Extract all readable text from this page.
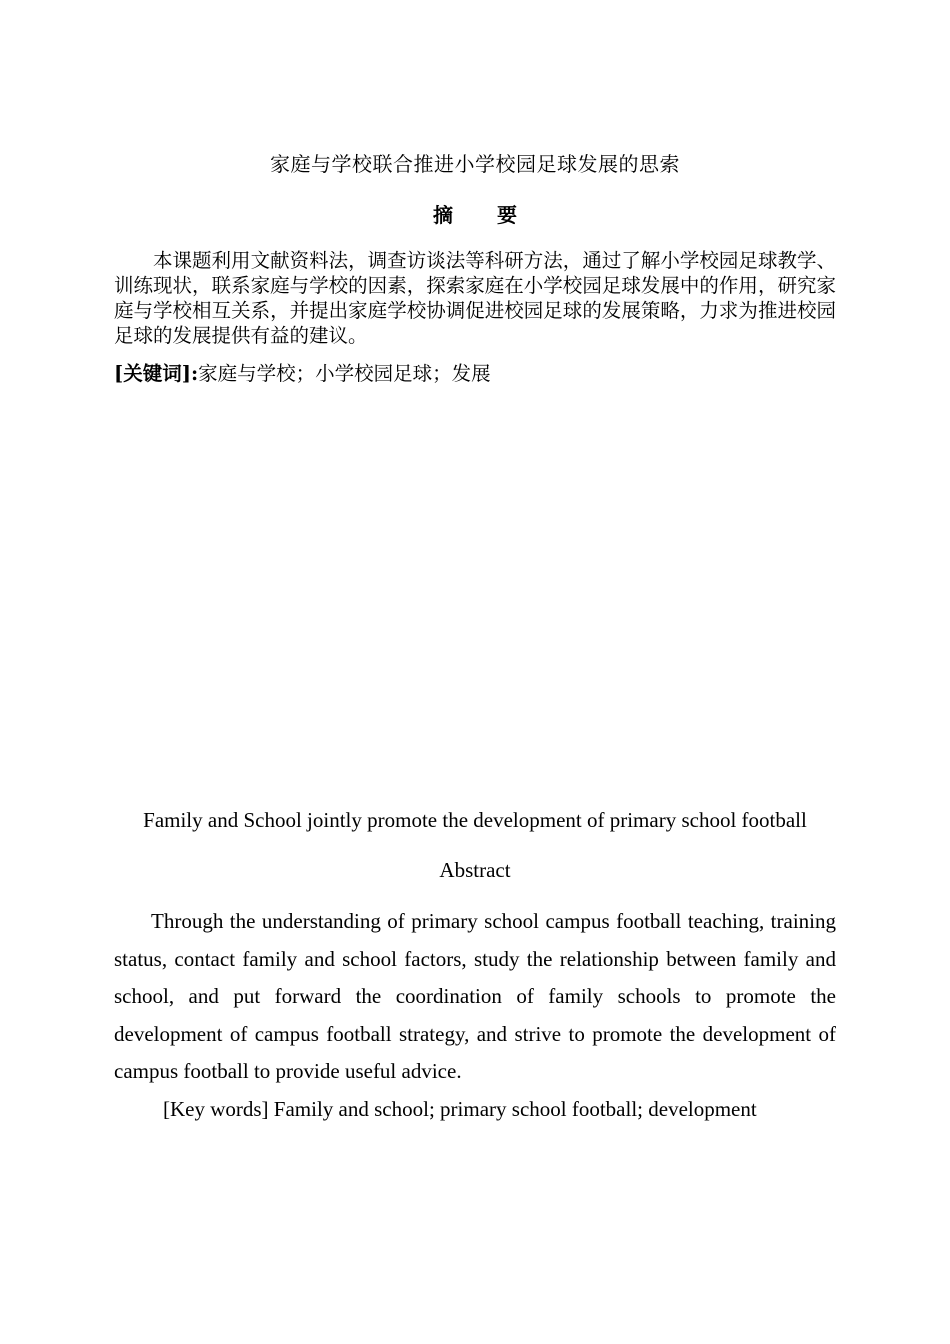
家庭与学校联合推进小学校园足球发展的思索
摘 要

本课题利用文献资料法，调查访谈法等科研方法，通过了解小学校园足球教学、训练现状，联系家庭与学校的因素，探索家庭在小学校园足球发展中的作用，研究家庭与学校相互关系，并提出家庭学校协调促进校园足球的发展策略，力求为推进校园足球的发展提供有益的建议。

[关键词]:家庭与学校；小学校园足球；发展

Family and School jointly promote the development of primary school football
Abstract

Through the understanding of primary school campus football teaching, training status, contact family and school factors, study the relationship between family and school, and put forward the coordination of family schools to promote the development of campus football strategy, and strive to promote the development of campus football to provide useful advice.

[Key words] Family and school; primary school football; development
